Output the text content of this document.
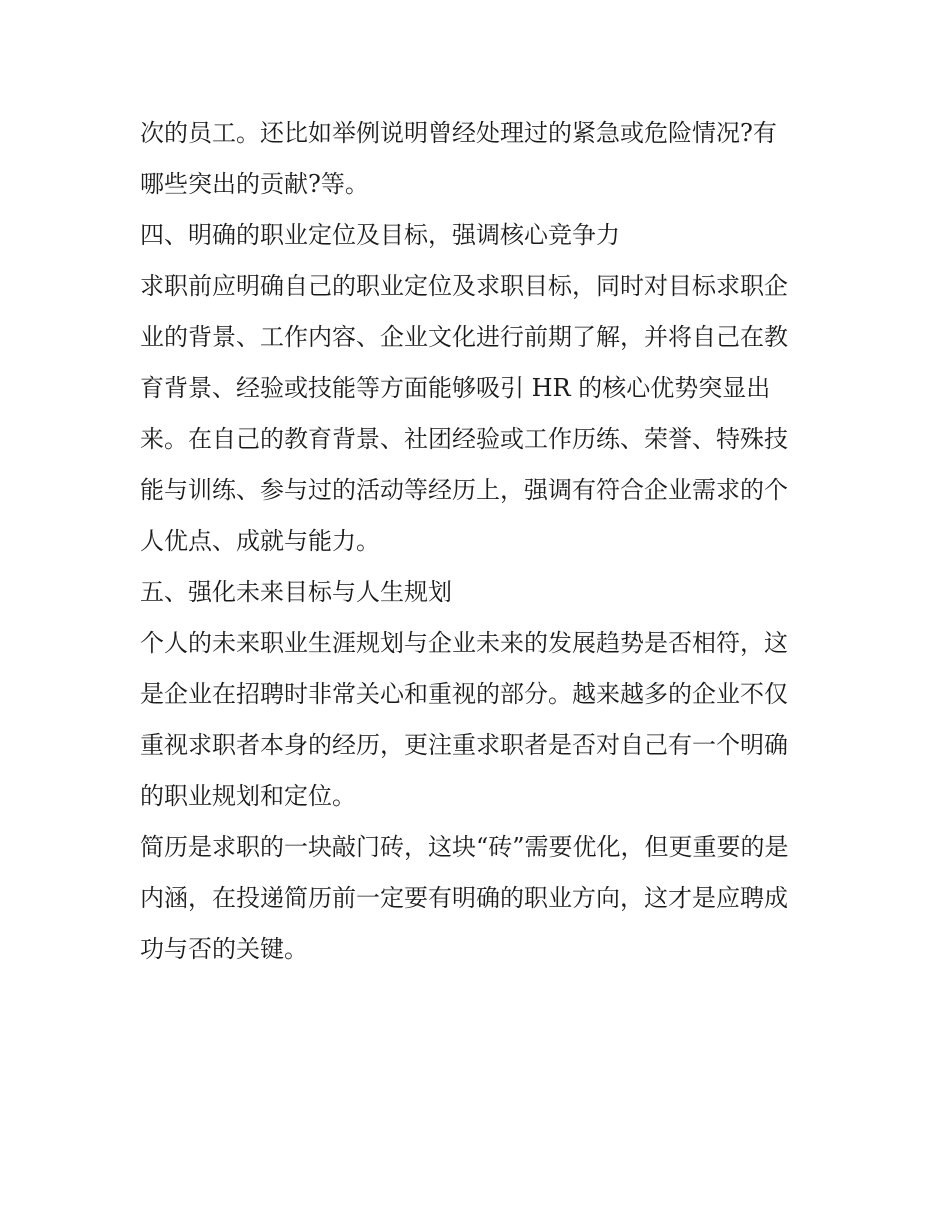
次的员工。还比如举例说明曾经处理过的紧急或危险情况?有

哪些突出的贡献?等。

四、明确的职业定位及目标，强调核心竞争力

求职前应明确自己的职业定位及求职目标，同时对目标求职企

业的背景、工作内容、企业文化进行前期了解，并将自己在教

育背景、经验或技能等方面能够吸引 HR 的核心优势突显出

来。在自己的教育背景、社团经验或工作历练、荣誉、特殊技

能与训练、参与过的活动等经历上，强调有符合企业需求的个

人优点、成就与能力。

五、强化未来目标与人生规划

个人的未来职业生涯规划与企业未来的发展趋势是否相符，这

是企业在招聘时非常关心和重视的部分。越来越多的企业不仅

重视求职者本身的经历，更注重求职者是否对自己有一个明确

的职业规划和定位。

简历是求职的一块敲门砖，这块“砖”需要优化，但更重要的是

内涵，在投递简历前一定要有明确的职业方向，这才是应聘成

功与否的关键。
